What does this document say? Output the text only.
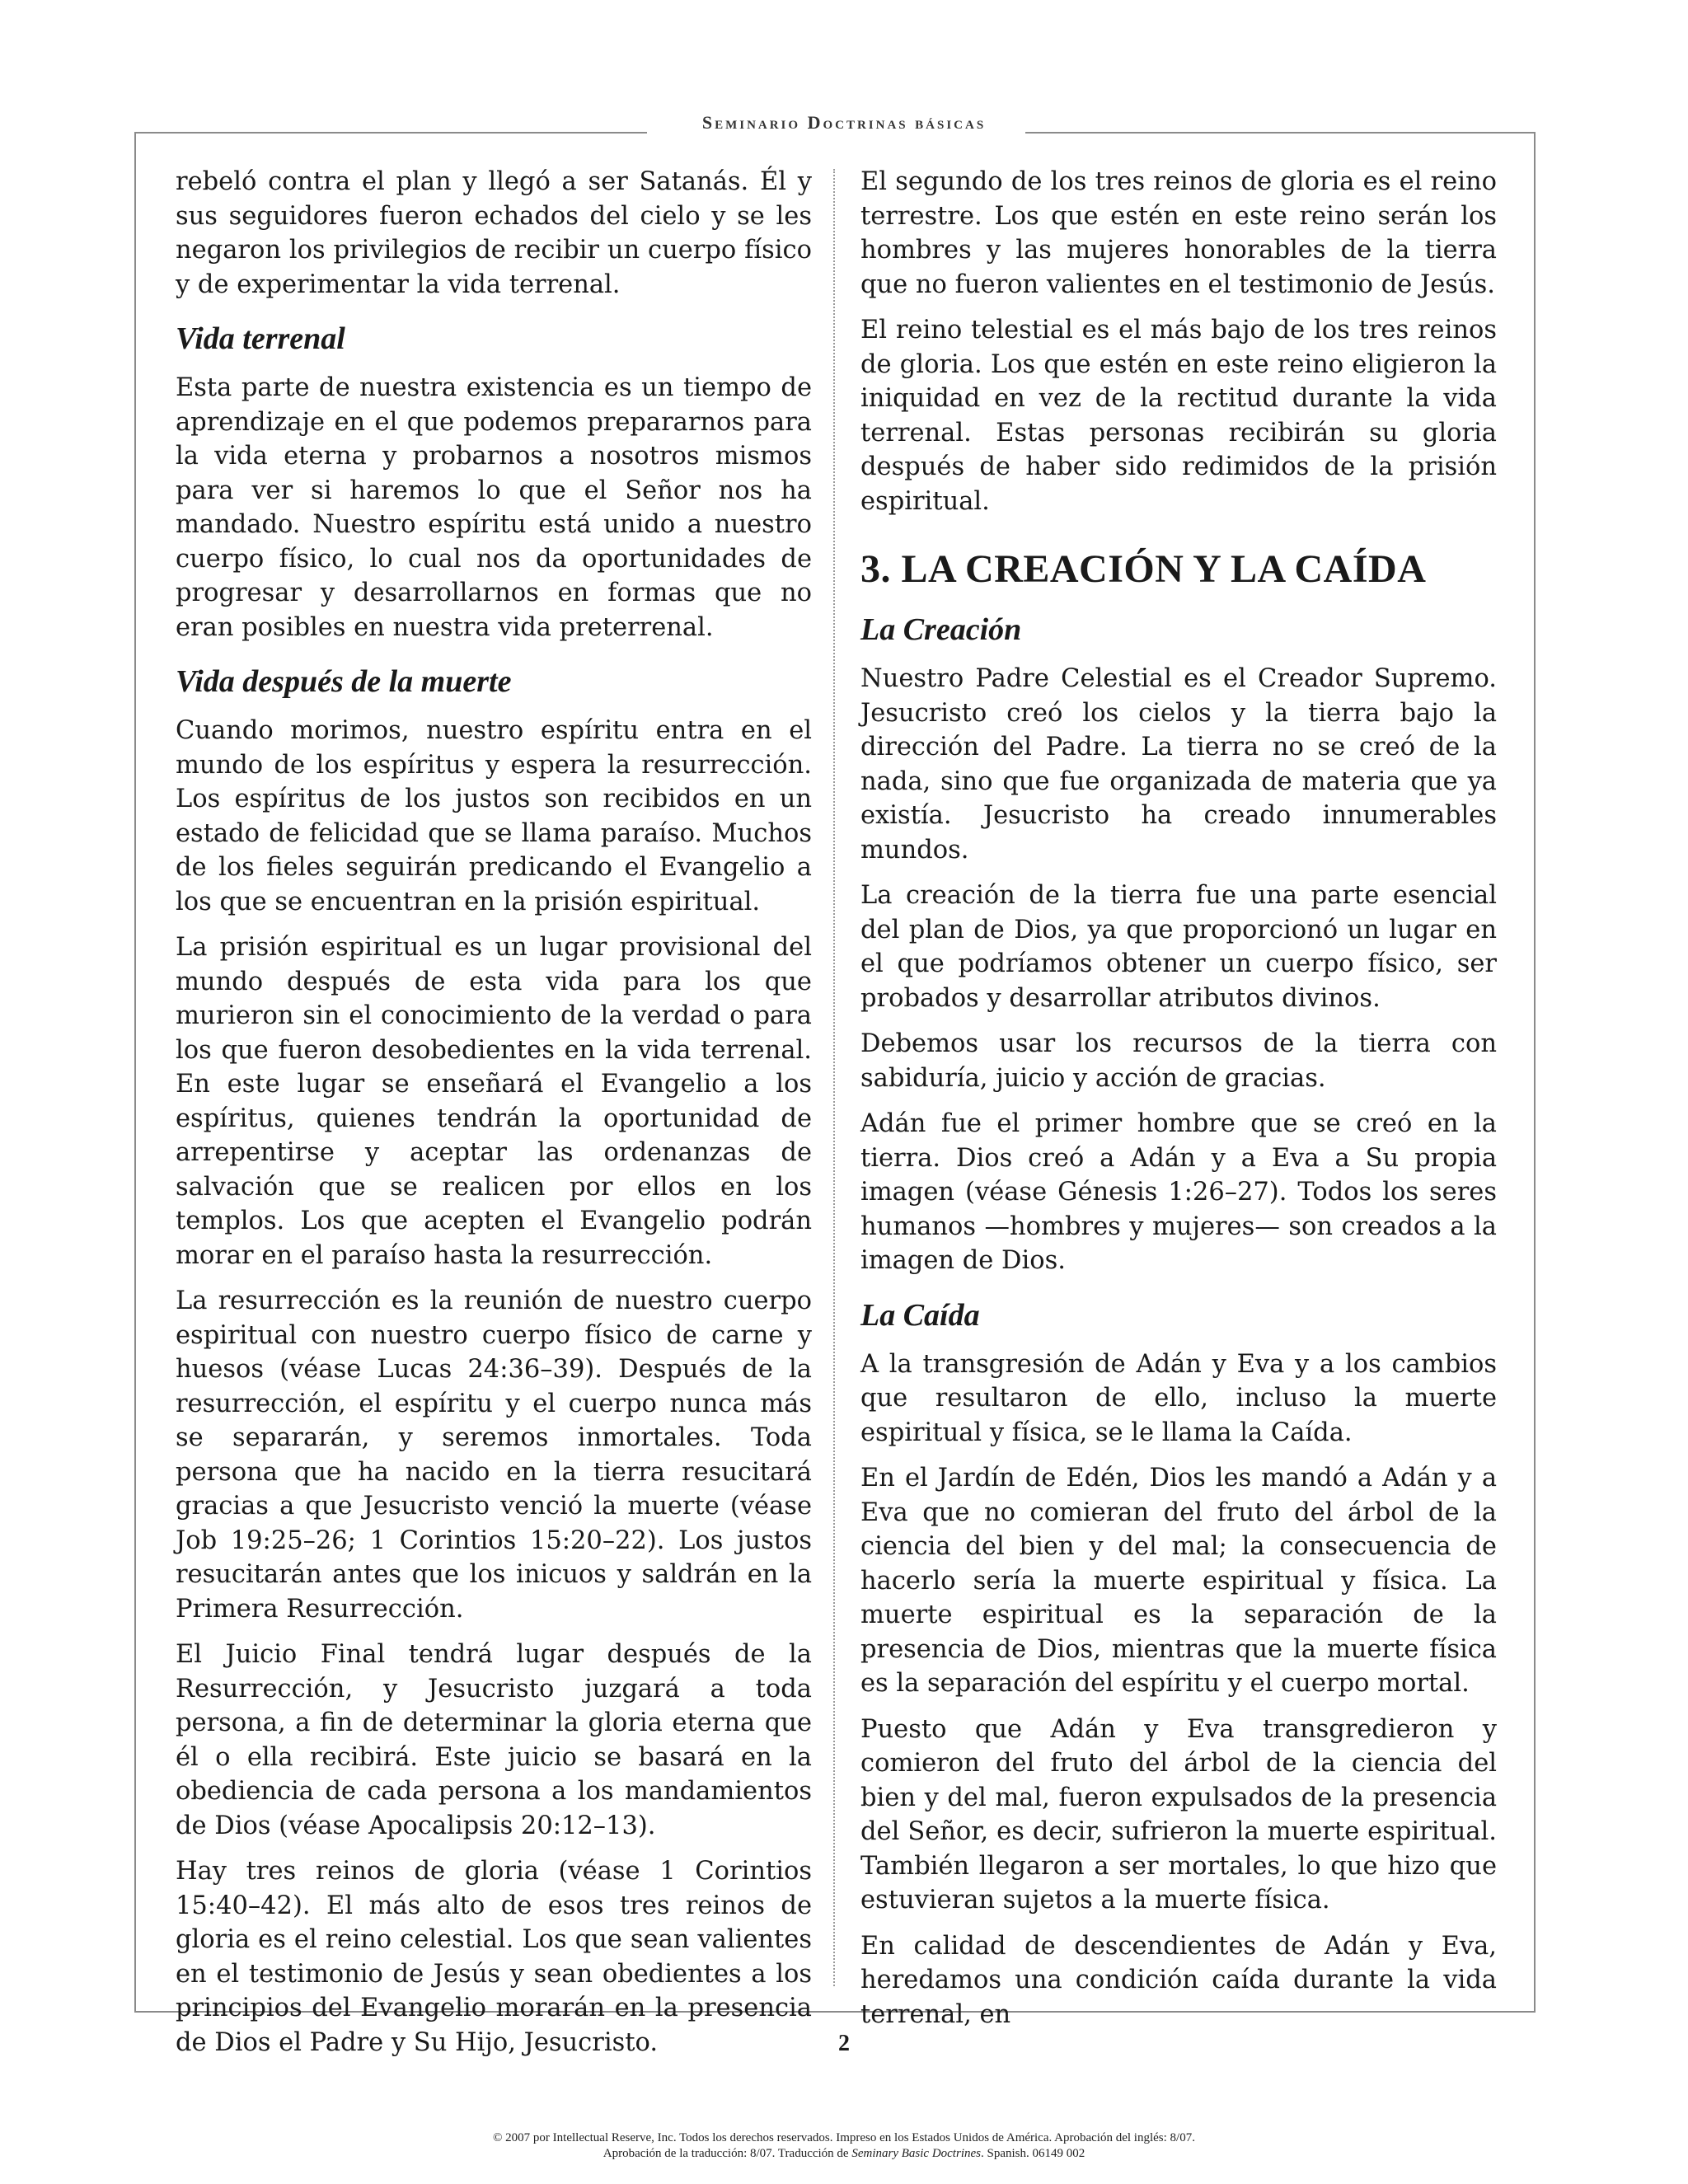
Seminario Doctrinas básicas

rebeló contra el plan y llegó a ser Satanás. Él y sus seguidores fueron echados del cielo y se les negaron los privilegios de recibir un cuerpo físico y de experimentar la vida terrenal.

Vida terrenal

Esta parte de nuestra existencia es un tiempo de aprendizaje en el que podemos prepararnos para la vida eterna y probarnos a nosotros mismos para ver si haremos lo que el Señor nos ha mandado. Nuestro espíritu está unido a nuestro cuerpo físico, lo cual nos da oportunidades de progresar y desarrollarnos en formas que no eran posibles en nuestra vida preterrenal.

Vida después de la muerte

Cuando morimos, nuestro espíritu entra en el mundo de los espíritus y espera la resurrección. Los espíritus de los justos son recibidos en un estado de felicidad que se llama paraíso. Muchos de los fieles seguirán predicando el Evangelio a los que se encuentran en la prisión espiritual.

La prisión espiritual es un lugar provisional del mundo después de esta vida para los que murieron sin el conocimiento de la verdad o para los que fueron desobedientes en la vida terrenal. En este lugar se enseñará el Evangelio a los espíritus, quienes tendrán la oportunidad de arrepentirse y aceptar las ordenanzas de salvación que se realicen por ellos en los templos. Los que acepten el Evangelio podrán morar en el paraíso hasta la resurrección.

La resurrección es la reunión de nuestro cuerpo espiritual con nuestro cuerpo físico de carne y huesos (véase Lucas 24:36–39). Después de la resurrección, el espíritu y el cuerpo nunca más se separarán, y seremos inmortales. Toda persona que ha nacido en la tierra resucitará gracias a que Jesucristo venció la muerte (véase Job 19:25–26; 1 Corintios 15:20–22). Los justos resucitarán antes que los inicuos y saldrán en la Primera Resurrección.

El Juicio Final tendrá lugar después de la Resurrección, y Jesucristo juzgará a toda persona, a fin de determinar la gloria eterna que él o ella recibirá. Este juicio se basará en la obediencia de cada persona a los mandamientos de Dios (véase Apocalipsis 20:12–13).

Hay tres reinos de gloria (véase 1 Corintios 15:40–42). El más alto de esos tres reinos de gloria es el reino celestial. Los que sean valientes en el testimonio de Jesús y sean obedientes a los principios del Evangelio morarán en la presencia de Dios el Padre y Su Hijo, Jesucristo.

El segundo de los tres reinos de gloria es el reino terrestre. Los que estén en este reino serán los hombres y las mujeres honorables de la tierra que no fueron valientes en el testimonio de Jesús.

El reino telestial es el más bajo de los tres reinos de gloria. Los que estén en este reino eligieron la iniquidad en vez de la rectitud durante la vida terrenal. Estas personas recibirán su gloria después de haber sido redimidos de la prisión espiritual.

3. LA CREACIÓN Y LA CAÍDA
La Creación

Nuestro Padre Celestial es el Creador Supremo. Jesucristo creó los cielos y la tierra bajo la dirección del Padre. La tierra no se creó de la nada, sino que fue organizada de materia que ya existía. Jesucristo ha creado innumerables mundos.

La creación de la tierra fue una parte esencial del plan de Dios, ya que proporcionó un lugar en el que podríamos obtener un cuerpo físico, ser probados y desarrollar atributos divinos.

Debemos usar los recursos de la tierra con sabiduría, juicio y acción de gracias.

Adán fue el primer hombre que se creó en la tierra. Dios creó a Adán y a Eva a Su propia imagen (véase Génesis 1:26–27). Todos los seres humanos —hombres y mujeres— son creados a la imagen de Dios.

La Caída

A la transgresión de Adán y Eva y a los cambios que resultaron de ello, incluso la muerte espiritual y física, se le llama la Caída.

En el Jardín de Edén, Dios les mandó a Adán y a Eva que no comieran del fruto del árbol de la ciencia del bien y del mal; la consecuencia de hacerlo sería la muerte espiritual y física. La muerte espiritual es la separación de la presencia de Dios, mientras que la muerte física es la separación del espíritu y el cuerpo mortal.

Puesto que Adán y Eva transgredieron y comieron del fruto del árbol de la ciencia del bien y del mal, fueron expulsados de la presencia del Señor, es decir, sufrieron la muerte espiritual. También llegaron a ser mortales, lo que hizo que estuvieran sujetos a la muerte física.

En calidad de descendientes de Adán y Eva, heredamos una condición caída durante la vida terrenal, en

2
© 2007 por Intellectual Reserve, Inc. Todos los derechos reservados. Impreso en los Estados Unidos de América. Aprobación del inglés: 8/07.
Aprobación de la traducción: 8/07. Traducción de Seminary Basic Doctrines. Spanish. 06149 002
